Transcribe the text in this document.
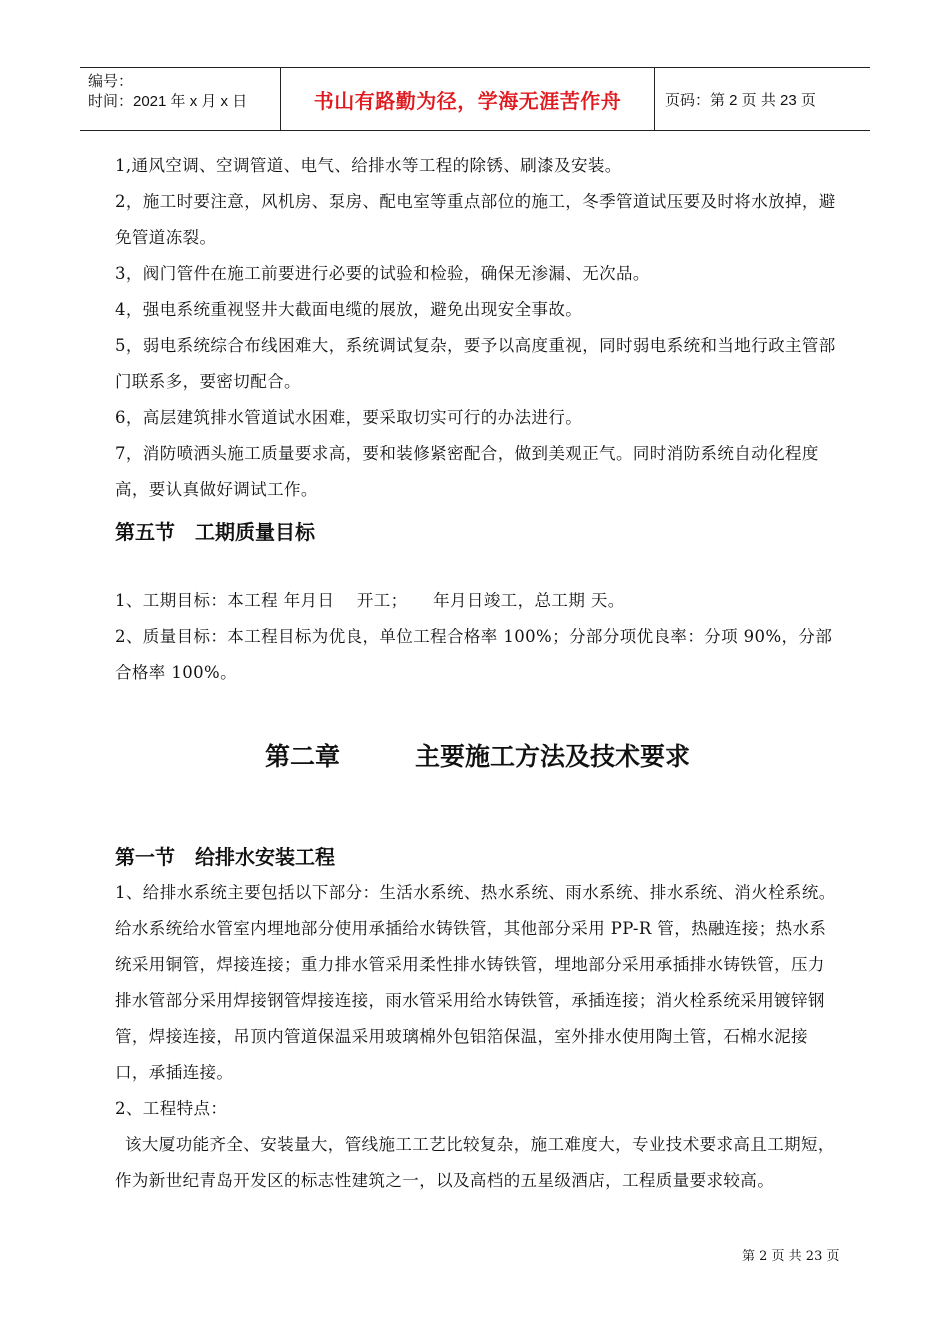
编号：
时间：2021 年 x 月 x 日	书山有路勤为径，学海无涯苦作舟	页码：第 2 页 共 23 页

1,通风空调、空调管道、电气、给排水等工程的除锈、刷漆及安装。

2，施工时要注意，风机房、泵房、配电室等重点部位的施工，冬季管道试压要及时将水放掉，避免管道冻裂。

3，阀门管件在施工前要进行必要的试验和检验，确保无渗漏、无次品。

4，强电系统重视竖井大截面电缆的展放，避免出现安全事故。

5，弱电系统综合布线困难大，系统调试复杂，要予以高度重视，同时弱电系统和当地行政主管部门联系多，要密切配合。

6，高层建筑排水管道试水困难，要采取切实可行的办法进行。

7，消防喷洒头施工质量要求高，要和装修紧密配合，做到美观正气。同时消防系统自动化程度高，要认真做好调试工作。

第五节　工期质量目标

1、工期目标：本工程 年月日　 开工；　　年月日竣工，总工期 天。

2、质量目标：本工程目标为优良，单位工程合格率 100%；分部分项优良率：分项 90%，分部合格率 100%。

第二章　　　主要施工方法及技术要求
第一节　给排水安装工程

1、给排水系统主要包括以下部分：生活水系统、热水系统、雨水系统、排水系统、消火栓系统。给水系统给水管室内埋地部分使用承插给水铸铁管，其他部分采用 PP-R 管，热融连接；热水系统采用铜管，焊接连接；重力排水管采用柔性排水铸铁管，埋地部分采用承插排水铸铁管，压力排水管部分采用焊接钢管焊接连接，雨水管采用给水铸铁管，承插连接；消火栓系统采用镀锌钢管，焊接连接，吊顶内管道保温采用玻璃棉外包铝箔保温，室外排水使用陶土管，石棉水泥接口，承插连接。

2、工程特点：

该大厦功能齐全、安装量大，管线施工工艺比较复杂，施工难度大，专业技术要求高且工期短，作为新世纪青岛开发区的标志性建筑之一，以及高档的五星级酒店，工程质量要求较高。

第 2 页 共 23 页
